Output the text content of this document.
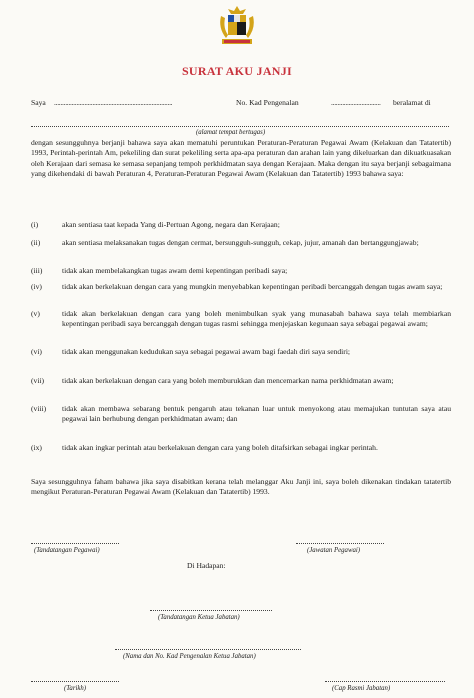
SURAT AKU JANJI
Saya ..........................................................................	No. Kad Pengenalan	............................... beralamat di
(alamat tempat bertugas)
dengan sesungguhnya berjanji bahawa saya akan mematuhi peruntukan Peraturan-Peraturan Pegawai Awam (Kelakuan dan Tatatertib) 1993, Perintah-perintah Am, pekeliling dan surat pekeliling serta apa-apa peraturan dan arahan lain yang dikeluarkan dan dikuatkuasakan oleh Kerajaan dari semasa ke semasa sepanjang tempoh perkhidmatan saya dengan Kerajaan. Maka dengan itu saya berjanji sebagaimana yang dikehendaki di bawah Peraturan 4, Peraturan-Peraturan Pegawai Awam (Kelakuan dan Tatatertib) 1993 bahawa saya:
(i)	akan sentiasa taat kepada Yang di-Pertuan Agong, negara dan Kerajaan;
(ii)	akan sentiasa melaksanakan tugas dengan cermat, bersungguh-sungguh, cekap, jujur, amanah dan bertanggungjawab;
(iii)	tidak akan membelakangkan tugas awam demi kepentingan peribadi saya;
(iv)	tidak akan berkelakuan dengan cara yang mungkin menyebabkan kepentingan peribadi bercanggah dengan tugas awam saya;
(v)	tidak akan berkelakuan dengan cara yang boleh menimbulkan syak yang munasabah bahawa saya telah membiarkan kepentingan peribadi saya bercanggah dengan tugas rasmi sehingga menjejaskan kegunaan saya sebagai pegawai awam;
(vi)	tidak akan menggunakan kedudukan saya sebagai pegawai awam bagi faedah diri saya sendiri;
(vii) tidak akan berkelakuan dengan cara yang boleh memburukkan dan mencemarkan nama perkhidmatan awam;
(viii) tidak akan membawa sebarang bentuk pengaruh atau tekanan luar untuk menyokong atau memajukan tuntutan saya atau pegawai lain berhubung dengan perkhidmatan awam; dan
(ix)	tidak akan ingkar perintah atau berkelakuan dengan cara yang boleh ditafsirkan sebagai ingkar perintah.
Saya sesungguhnya faham bahawa jika saya disabitkan kerana telah melanggar Aku Janji ini, saya boleh dikenakan tindakan tatatertib mengikut Peraturan-Peraturan Pegawai Awam (Kelakuan dan Tatatertib) 1993.
(Tandatangan Pegawai)	(Jawatan Pegawai)
Di Hadapan:
(Tandatangan Ketua Jabatan)
(Nama dan No. Kad Pengenalan Ketua Jabatan)
(Tarikh)	(Cap Rasmi Jabatan)
